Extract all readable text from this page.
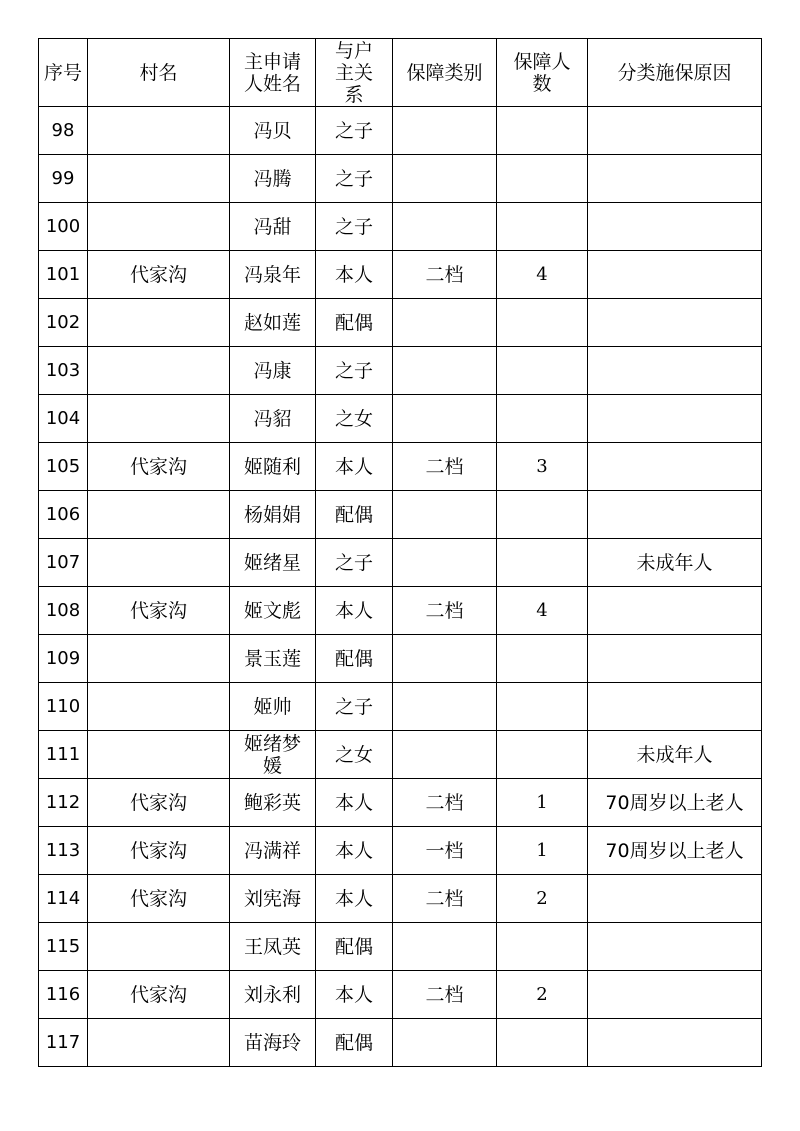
序号	村名	主申请人姓名	与户主关系	保障类别	保障人数	分类施保原因

98		冯贝	之子			

99		冯腾	之子			

100		冯甜	之子			

101	代家沟	冯泉年	本人	二档	4	

102		赵如莲	配偶			

103		冯康	之子			

104		冯貂	之女			

105	代家沟	姬随利	本人	二档	3	

106		杨娟娟	配偶			

107		姬绪星	之子			未成年人

108	代家沟	姬文彪	本人	二档	4	

109		景玉莲	配偶			

110		姬帅	之子			

111		姬绪梦媛	之女			未成年人

112	代家沟	鲍彩英	本人	二档	1	70周岁以上老人

113	代家沟	冯满祥	本人	一档	1	70周岁以上老人

114	代家沟	刘宪海	本人	二档	2	

115		王凤英	配偶			

116	代家沟	刘永利	本人	二档	2	

117		苗海玲	配偶			
